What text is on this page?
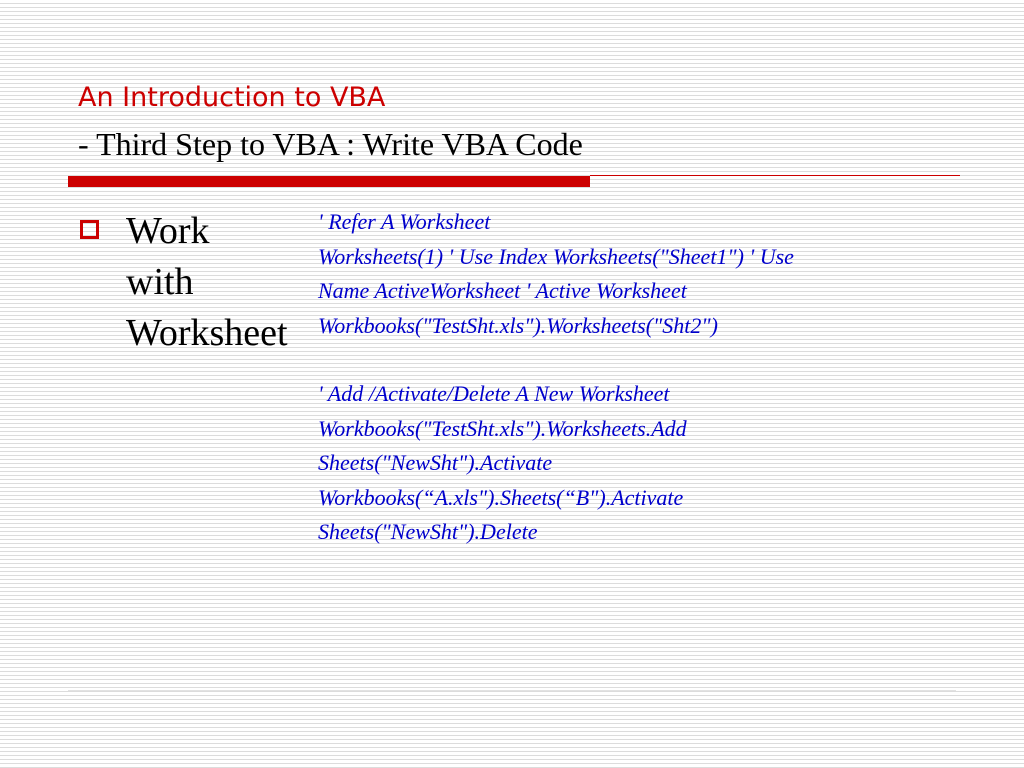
An Introduction to VBA
- Third Step to VBA : Write VBA Code
Work
with
Worksheet
' Refer A Worksheet
Worksheets(1) ' Use Index Worksheets("Sheet1") ' Use
Name ActiveWorksheet ' Active Worksheet
Workbooks("TestSht.xls").Worksheets("Sht2")
' Add /Activate/Delete A New Worksheet
Workbooks("TestSht.xls").Worksheets.Add
Sheets("NewSht").Activate
Workbooks(“A.xls").Sheets(“B").Activate
Sheets("NewSht").Delete
